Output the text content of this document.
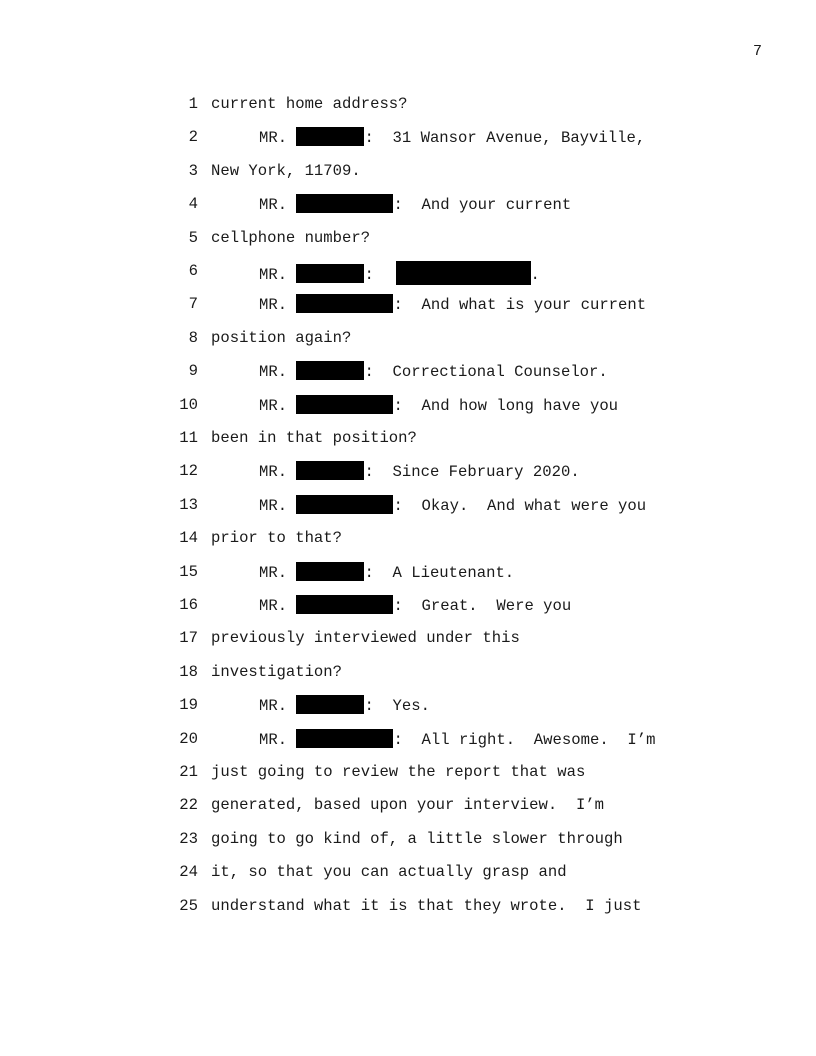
7
1 current home address?
2	MR.	:  31 Wansor Avenue, Bayville,
3 New York, 11709.
4	MR.	:  And your current
5 cellphone number?
6	MR.	:	.
7	MR.	:  And what is your current
8 position again?
9	MR.	:  Correctional Counselor.
10	MR.	:  And how long have you
11 been in that position?
12	MR.	:  Since February 2020.
13	MR.	:  Okay.  And what were you
14 prior to that?
15	MR.	:  A Lieutenant.
16	MR.	:  Great.  Were you
17 previously interviewed under this
18 investigation?
19	MR.	:  Yes.
20	MR.	:  All right.  Awesome.  I’m
21 just going to review the report that was
22 generated, based upon your interview.  I’m
23 going to go kind of, a little slower through
24 it, so that you can actually grasp and
25 understand what it is that they wrote.  I just
